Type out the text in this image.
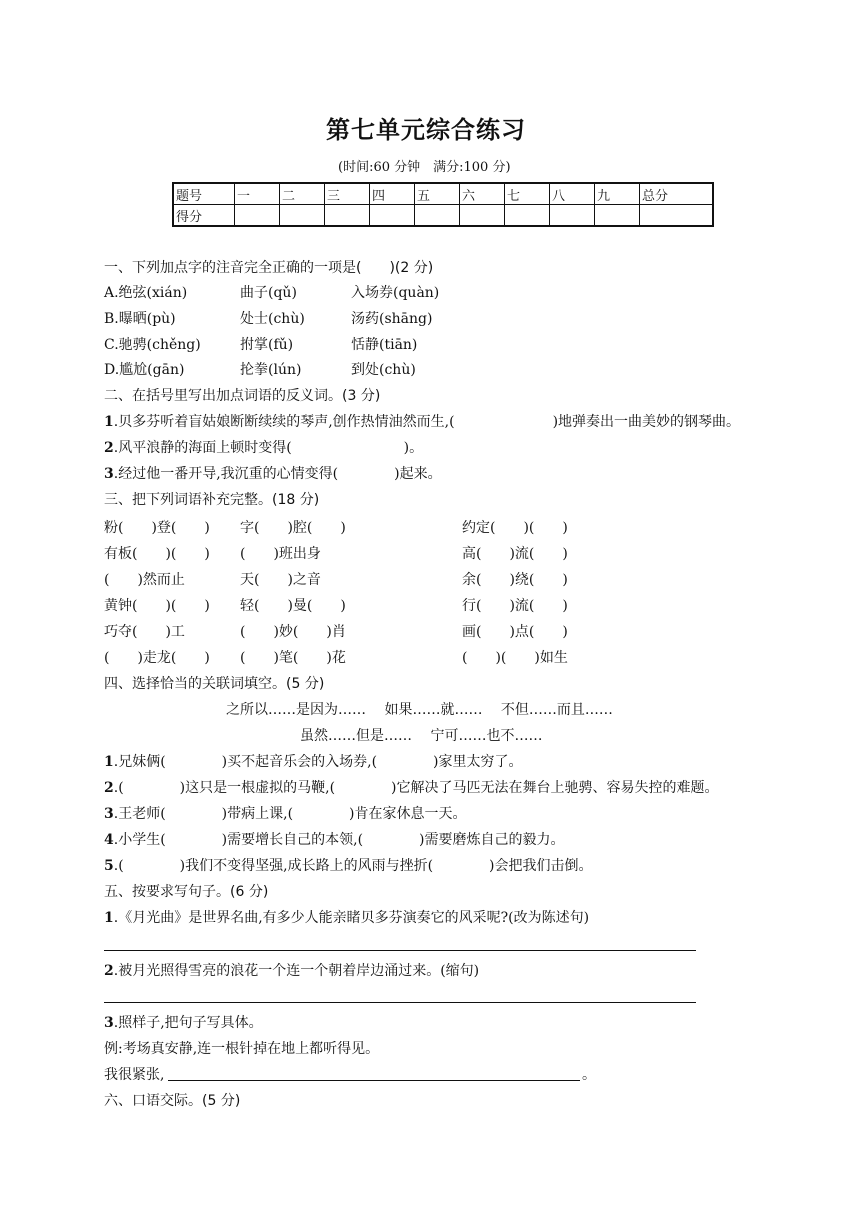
第七单元综合练习
(时间:60 分钟　满分:100 分)
题号	一	二	三	四	五	六	七	八	九	总分
得分										
一、下列加点字的注音完全正确的一项是(　　)(2 分)
A.绝弦(xián)	曲子(qǔ)	入场券(quàn)
B.曝晒(pù)	处士(chù)	汤药(shāng)
C.驰骋(chěng)	拊掌(fǔ)	恬静(tiān)
D.尴尬(gān)	抡拳(lún)	到处(chù)
二、在括号里写出加点词语的反义词。(3 分)
1.贝多芬听着盲姑娘断断续续的琴声,创作热情油然而生,(　　　　　　　)地弹奏出一曲美妙的钢琴曲。
2.风平浪静的海面上顿时变得(　　　　　　　　)。
3.经过他一番开导,我沉重的心情变得(　　　　)起来。
三、把下列词语补充完整。(18 分)
粉(　　)登(　　) 字(　　)腔(　　)	约定(　　)(　　)
有板(　　)(　　) (　　)班出身	高(　　)流(　　)
(　　)然而止	天(　　)之音	余(　　)绕(　　)
黄钟(　　)(　　) 轻(　　)曼(　　)	行(　　)流(　　)
巧夺(　　)工	(　　)妙(　　)肖	画(　　)点(　　)
(　　)走龙(　　) (　　)笔(　　)花	(　　)(　　)如生
四、选择恰当的关联词填空。(5 分)
之所以……是因为……　 如果……就……　 不但……而且……
虽然……但是……　 宁可……也不……
1.兄妹俩(　　　　)买不起音乐会的入场券,(　　　　)家里太穷了。
2.(　　　　)这只是一根虚拟的马鞭,(　　　　)它解决了马匹无法在舞台上驰骋、容易失控的难题。
3.王老师(　　　　)带病上课,(　　　　)肯在家休息一天。
4.小学生(　　　　)需要增长自己的本领,(　　　　)需要磨炼自己的毅力。
5.(　　　　)我们不变得坚强,成长路上的风雨与挫折(　　　　)会把我们击倒。
五、按要求写句子。(6 分)
1.《月光曲》是世界名曲,有多少人能亲睹贝多芬演奏它的风采呢?(改为陈述句)
2.被月光照得雪亮的浪花一个连一个朝着岸边涌过来。(缩句)
3.照样子,把句子写具体。
例:考场真安静,连一根针掉在地上都听得见。
我很紧张,	。
六、口语交际。(5 分)
